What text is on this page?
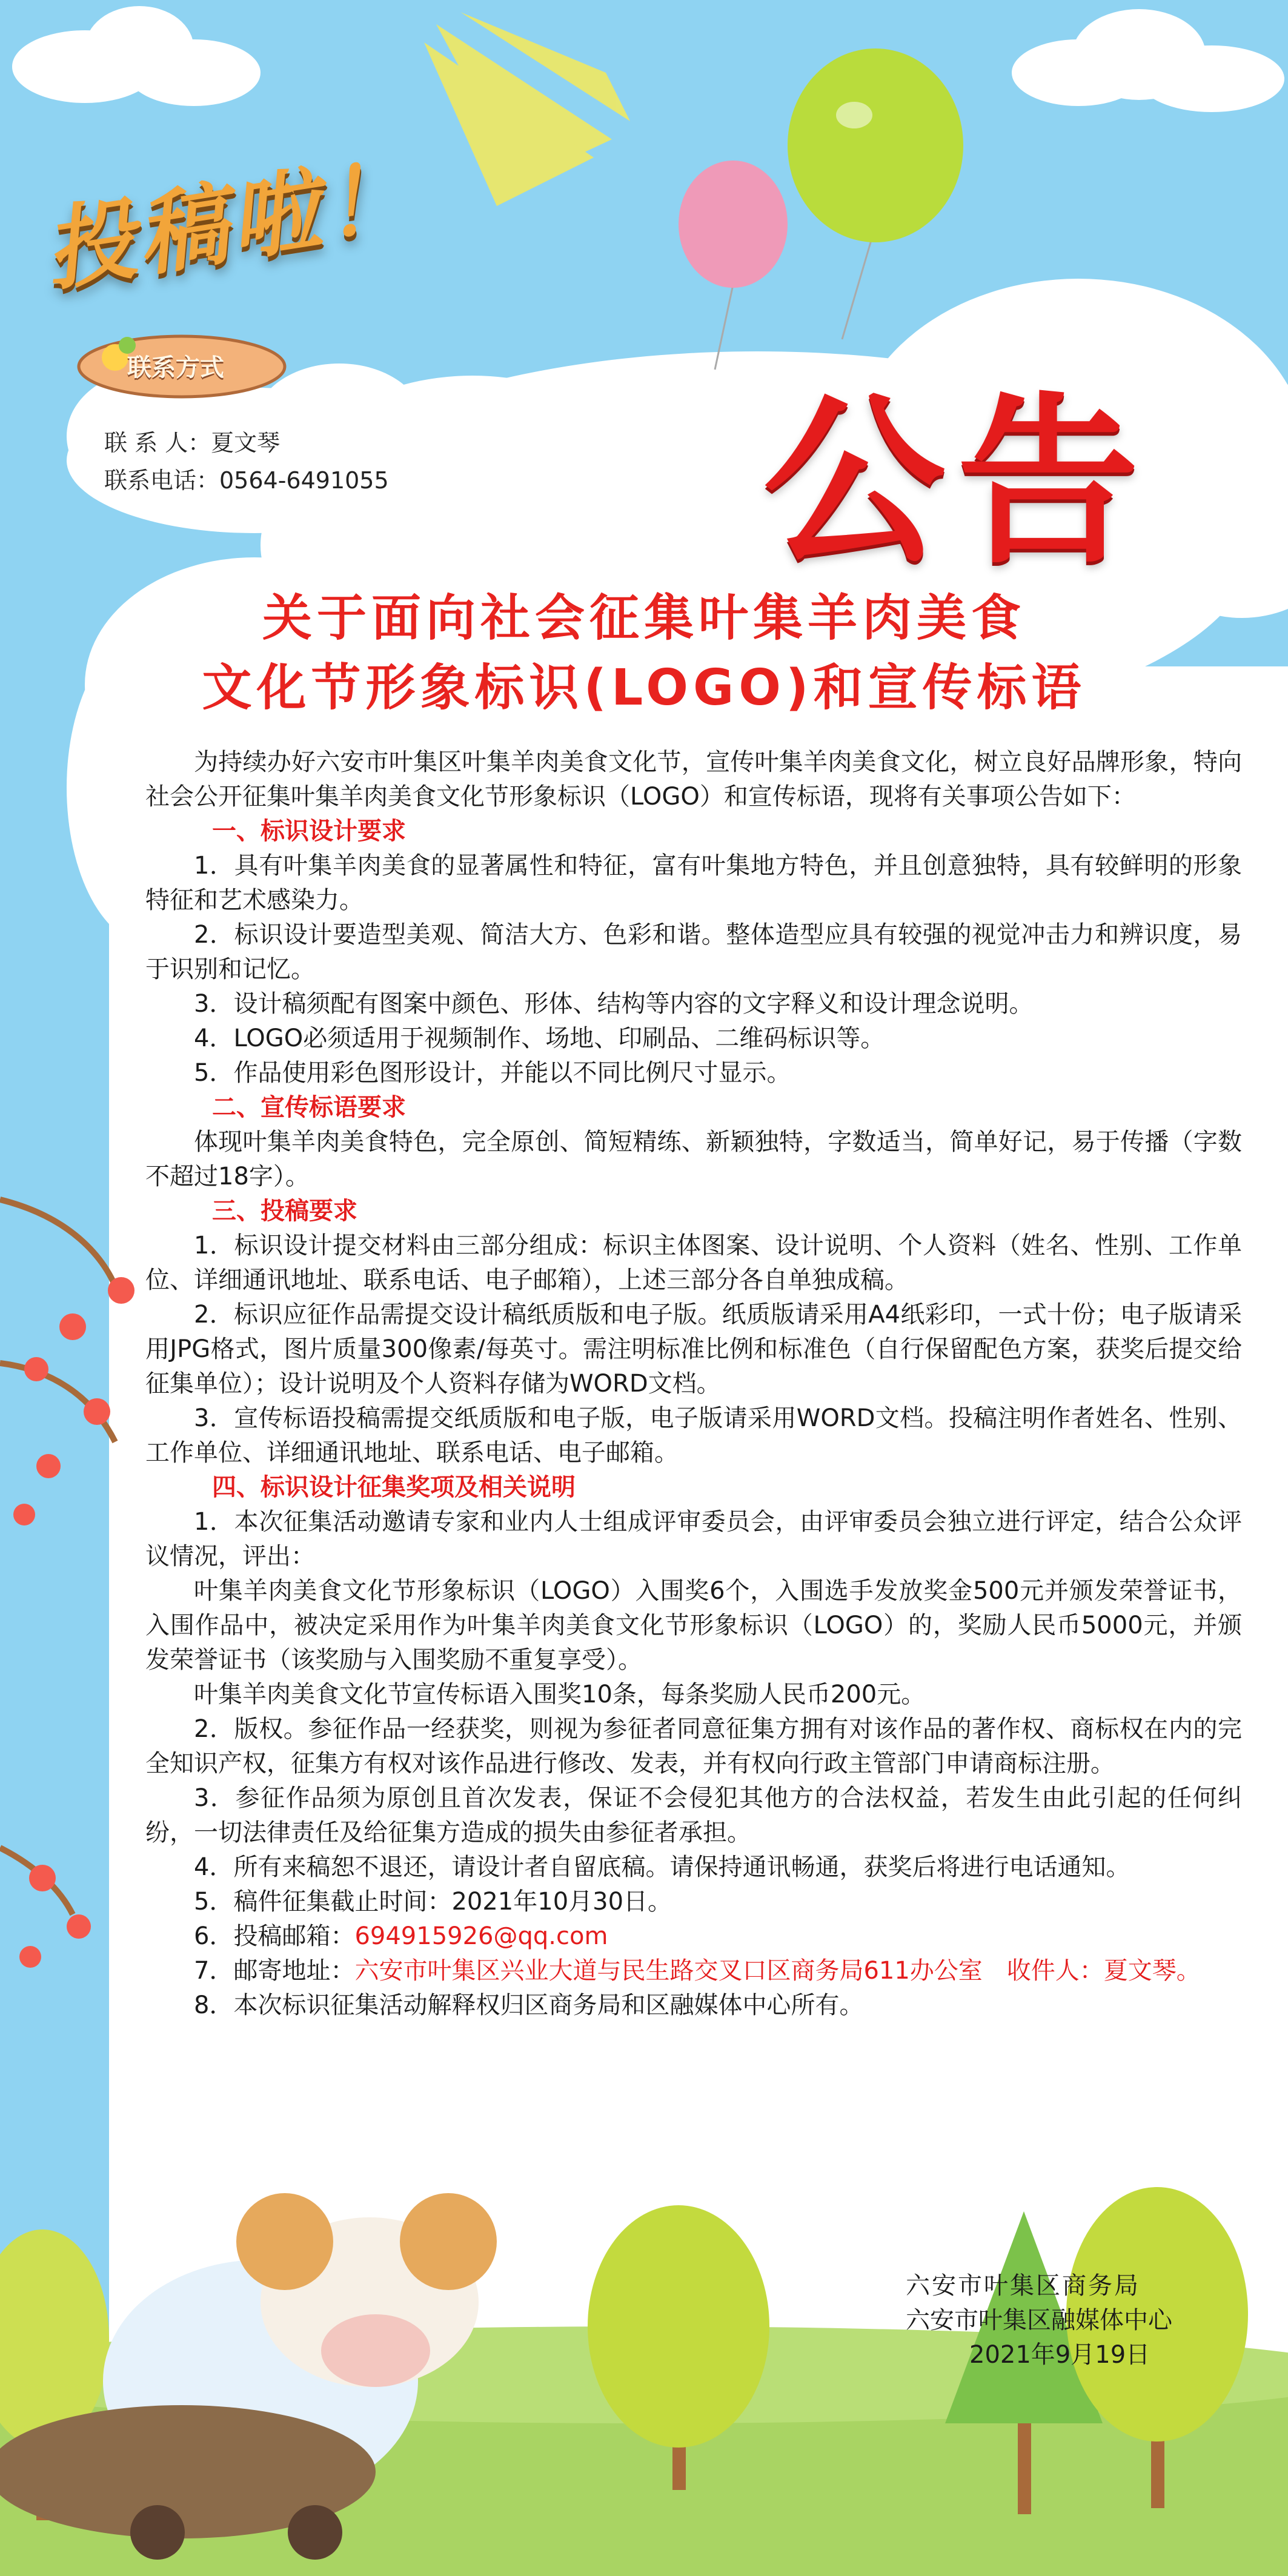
投稿啦！
联系方式
联 系 人：夏文琴
联系电话：0564-6491055 公告
关于面向社会征集叶集羊肉美食
文化节形象标识(LOGO)和宣传标语

为持续办好六安市叶集区叶集羊肉美食文化节，宣传叶集羊肉美食文化，树立良好品牌形象，特向社会公开征集叶集羊肉美食文化节形象标识（LOGO）和宣传标语，现将有关事项公告如下：

一、标识设计要求

1．具有叶集羊肉美食的显著属性和特征，富有叶集地方特色，并且创意独特，具有较鲜明的形象特征和艺术感染力。

2．标识设计要造型美观、简洁大方、色彩和谐。整体造型应具有较强的视觉冲击力和辨识度，易于识别和记忆。

3．设计稿须配有图案中颜色、形体、结构等内容的文字释义和设计理念说明。

4．LOGO必须适用于视频制作、场地、印刷品、二维码标识等。

5．作品使用彩色图形设计，并能以不同比例尺寸显示。

二、宣传标语要求

体现叶集羊肉美食特色，完全原创、简短精练、新颖独特，字数适当，简单好记，易于传播（字数不超过18字）。

三、投稿要求

1．标识设计提交材料由三部分组成：标识主体图案、设计说明、个人资料（姓名、性别、工作单位、详细通讯地址、联系电话、电子邮箱），上述三部分各自单独成稿。

2．标识应征作品需提交设计稿纸质版和电子版。纸质版请采用A4纸彩印，一式十份；电子版请采用JPG格式，图片质量300像素/每英寸。需注明标准比例和标准色（自行保留配色方案，获奖后提交给征集单位）；设计说明及个人资料存储为WORD文档。

3．宣传标语投稿需提交纸质版和电子版，电子版请采用WORD文档。投稿注明作者姓名、性别、工作单位、详细通讯地址、联系电话、电子邮箱。

四、标识设计征集奖项及相关说明

1．本次征集活动邀请专家和业内人士组成评审委员会，由评审委员会独立进行评定，结合公众评议情况，评出：

叶集羊肉美食文化节形象标识（LOGO）入围奖6个，入围选手发放奖金500元并颁发荣誉证书，入围作品中，被决定采用作为叶集羊肉美食文化节形象标识（LOGO）的，奖励人民币5000元，并颁发荣誉证书（该奖励与入围奖励不重复享受）。

叶集羊肉美食文化节宣传标语入围奖10条，每条奖励人民币200元。

2．版权。参征作品一经获奖，则视为参征者同意征集方拥有对该作品的著作权、商标权在内的完全知识产权，征集方有权对该作品进行修改、发表，并有权向行政主管部门申请商标注册。

3．参征作品须为原创且首次发表，保证不会侵犯其他方的合法权益，若发生由此引起的任何纠纷，一切法律责任及给征集方造成的损失由参征者承担。

4．所有来稿恕不退还，请设计者自留底稿。请保持通讯畅通，获奖后将进行电话通知。

5．稿件征集截止时间：2021年10月30日。

6．投稿邮箱：694915926@qq.com

7．邮寄地址：六安市叶集区兴业大道与民生路交叉口区商务局611办公室　收件人：夏文琴。

8．本次标识征集活动解释权归区商务局和区融媒体中心所有。

六安市叶集区商务局
六安市叶集区融媒体中心
2021年9月19日
